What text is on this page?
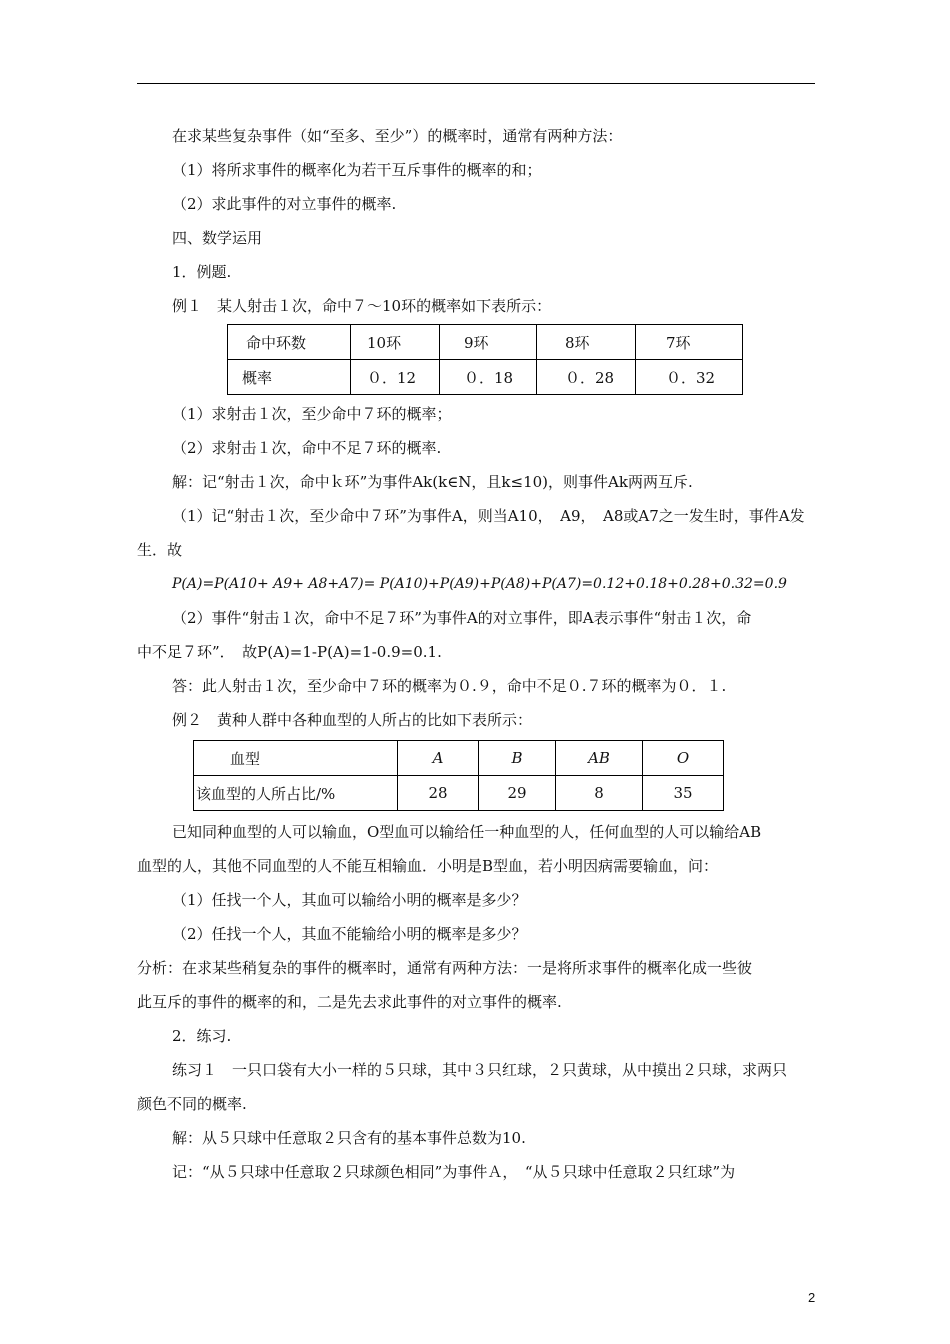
在求某些复杂事件（如“至多、至少”）的概率时，通常有两种方法：
（1）将所求事件的概率化为若干互斥事件的概率的和；
（2）求此事件的对立事件的概率.
四、数学运用
1．例题.
例１　某人射击１次，命中７～10环的概率如下表所示：
命中环数	10环	9环	8环	7环
概率	０．12	０．18	０．28	０．32
（1）求射击１次，至少命中７环的概率；
（2）求射击１次，命中不足７环的概率.
解：记“射击１次，命中ｋ环”为事件Ak(k∈N，且k≤10)，则事件Ak两两互斥.
（1）记“射击１次，至少命中７环”为事件A，则当A10，　A9，　A8或A7之一发生时，事件A发
生．故
P(A)=P(A10+ A9+ A8+A7)= P(A10)+P(A9)+P(A8)+P(A7)=0.12+0.18+0.28+0.32=0.9
（2）事件“射击１次，命中不足７环”为事件A的对立事件，即A表示事件“射击１次，命
中不足７环”．　故P(A)=1-P(A)=1-0.9=0.1.
答：此人射击１次，至少命中７环的概率为０.９，命中不足０.７环的概率为０．１.
例２　黄种人群中各种血型的人所占的比如下表所示：
血型	A	B	AB	O
该血型的人所占比/%	28	29	8	35
已知同种血型的人可以输血，O型血可以输给任一种血型的人，任何血型的人可以输给AB
血型的人，其他不同血型的人不能互相输血．小明是B型血，若小明因病需要输血，问：
（1）任找一个人，其血可以输给小明的概率是多少？
（2）任找一个人，其血不能输给小明的概率是多少？
分析：在求某些稍复杂的事件的概率时，通常有两种方法：一是将所求事件的概率化成一些彼
此互斥的事件的概率的和，二是先去求此事件的对立事件的概率.
2．练习.
练习１　一只口袋有大小一样的５只球，其中３只红球，２只黄球，从中摸出２只球，求两只
颜色不同的概率.
解：从５只球中任意取２只含有的基本事件总数为10.
记：“从５只球中任意取２只球颜色相同”为事件Ａ，　“从５只球中任意取２只红球”为
2
